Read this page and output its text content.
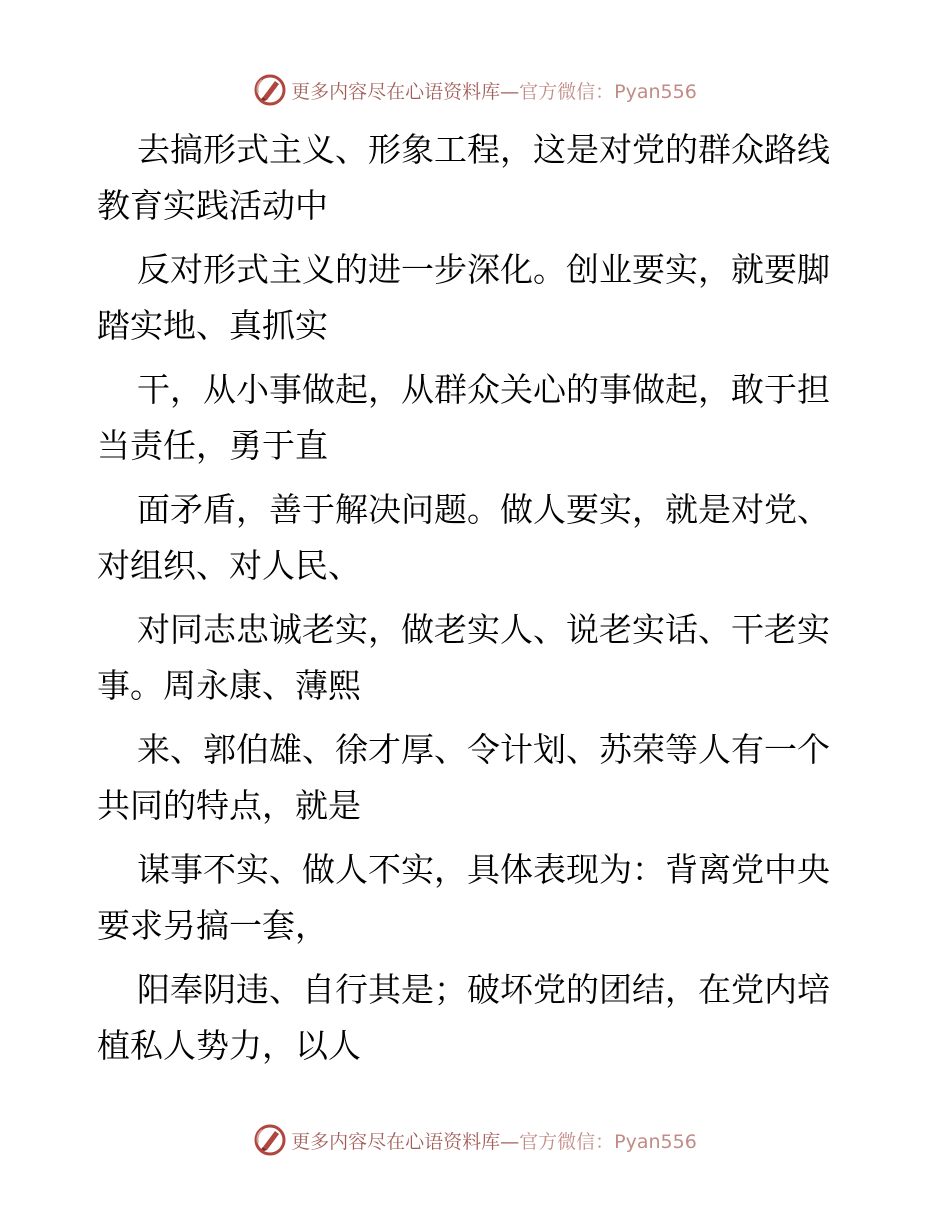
更多内容尽在心语资料库—官方微信：Pyan556
去搞形式主义、形象工程，这是对党的群众路线
教育实践活动中
反对形式主义的进一步深化。创业要实，就要脚
踏实地、真抓实
干，从小事做起，从群众关心的事做起，敢于担
当责任，勇于直
面矛盾，善于解决问题。做人要实，就是对党、
对组织、对人民、
对同志忠诚老实，做老实人、说老实话、干老实
事。周永康、薄熙
来、郭伯雄、徐才厚、令计划、苏荣等人有一个
共同的特点，就是
谋事不实、做人不实，具体表现为：背离党中央
要求另搞一套，
阳奉阴违、自行其是；破坏党的团结，在党内培
植私人势力，以人
更多内容尽在心语资料库—官方微信：Pyan556
